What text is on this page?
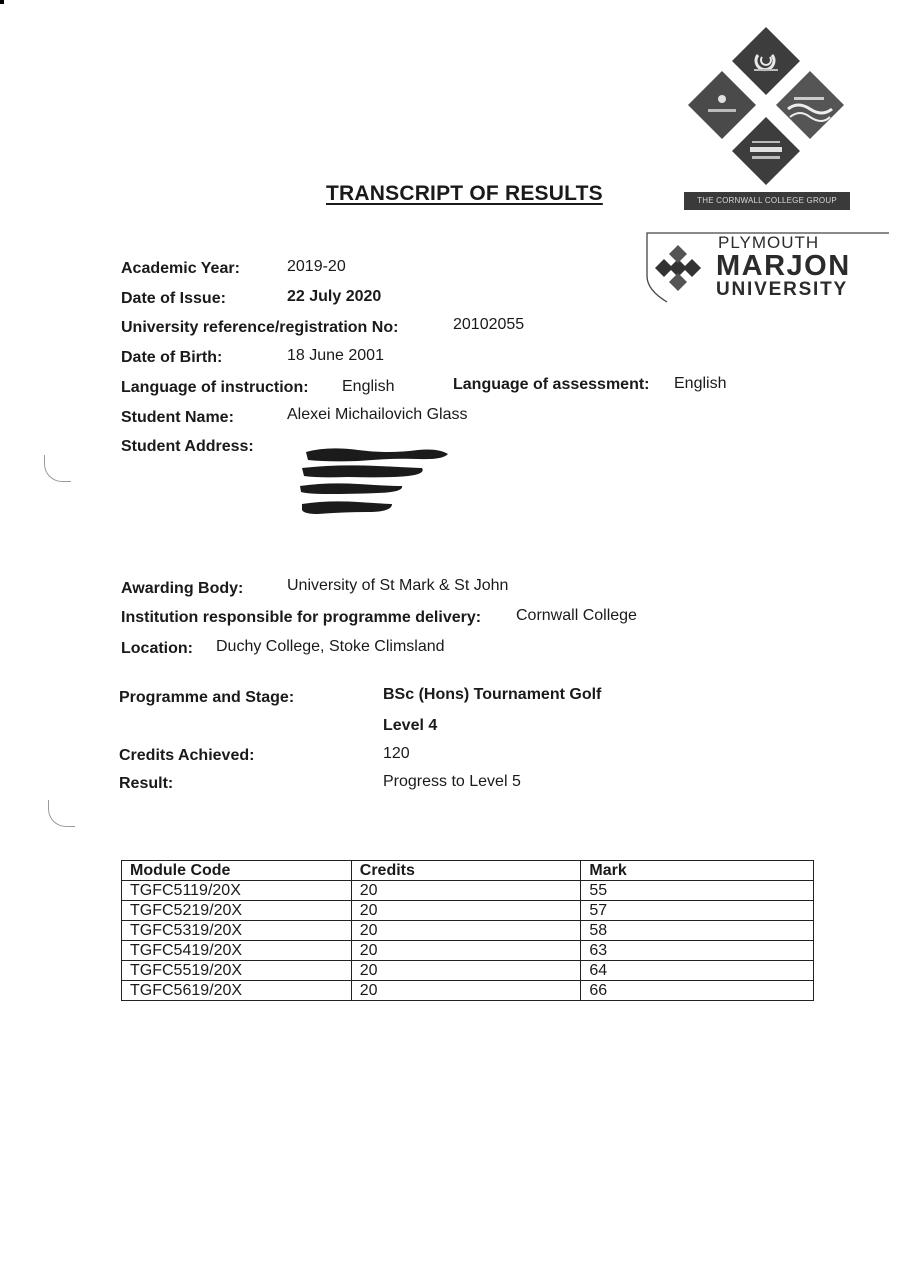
THE CORNWALL COLLEGE GROUP
PLYMOUTH
MARJON
UNIVERSITY
TRANSCRIPT OF RESULTS
Academic Year:	2019-20
Date of Issue:	22 July 2020
University reference/registration No:	20102055
Date of Birth:	18 June 2001
Language of instruction: English	Language of assessment: English
Student Name:	Alexei Michailovich Glass
Student Address:
Awarding Body:	University of St Mark & St John
Institution responsible for programme delivery: Cornwall College
Location: Duchy College, Stoke Climsland
Programme and Stage:	BSc (Hons) Tournament Golf
Level 4
Credits Achieved:	120
Result:	Progress to Level 5
Module Code	Credits	Mark
TGFC5119/20X	20	55
TGFC5219/20X	20	57
TGFC5319/20X	20	58
TGFC5419/20X	20	63
TGFC5519/20X	20	64
TGFC5619/20X	20	66
